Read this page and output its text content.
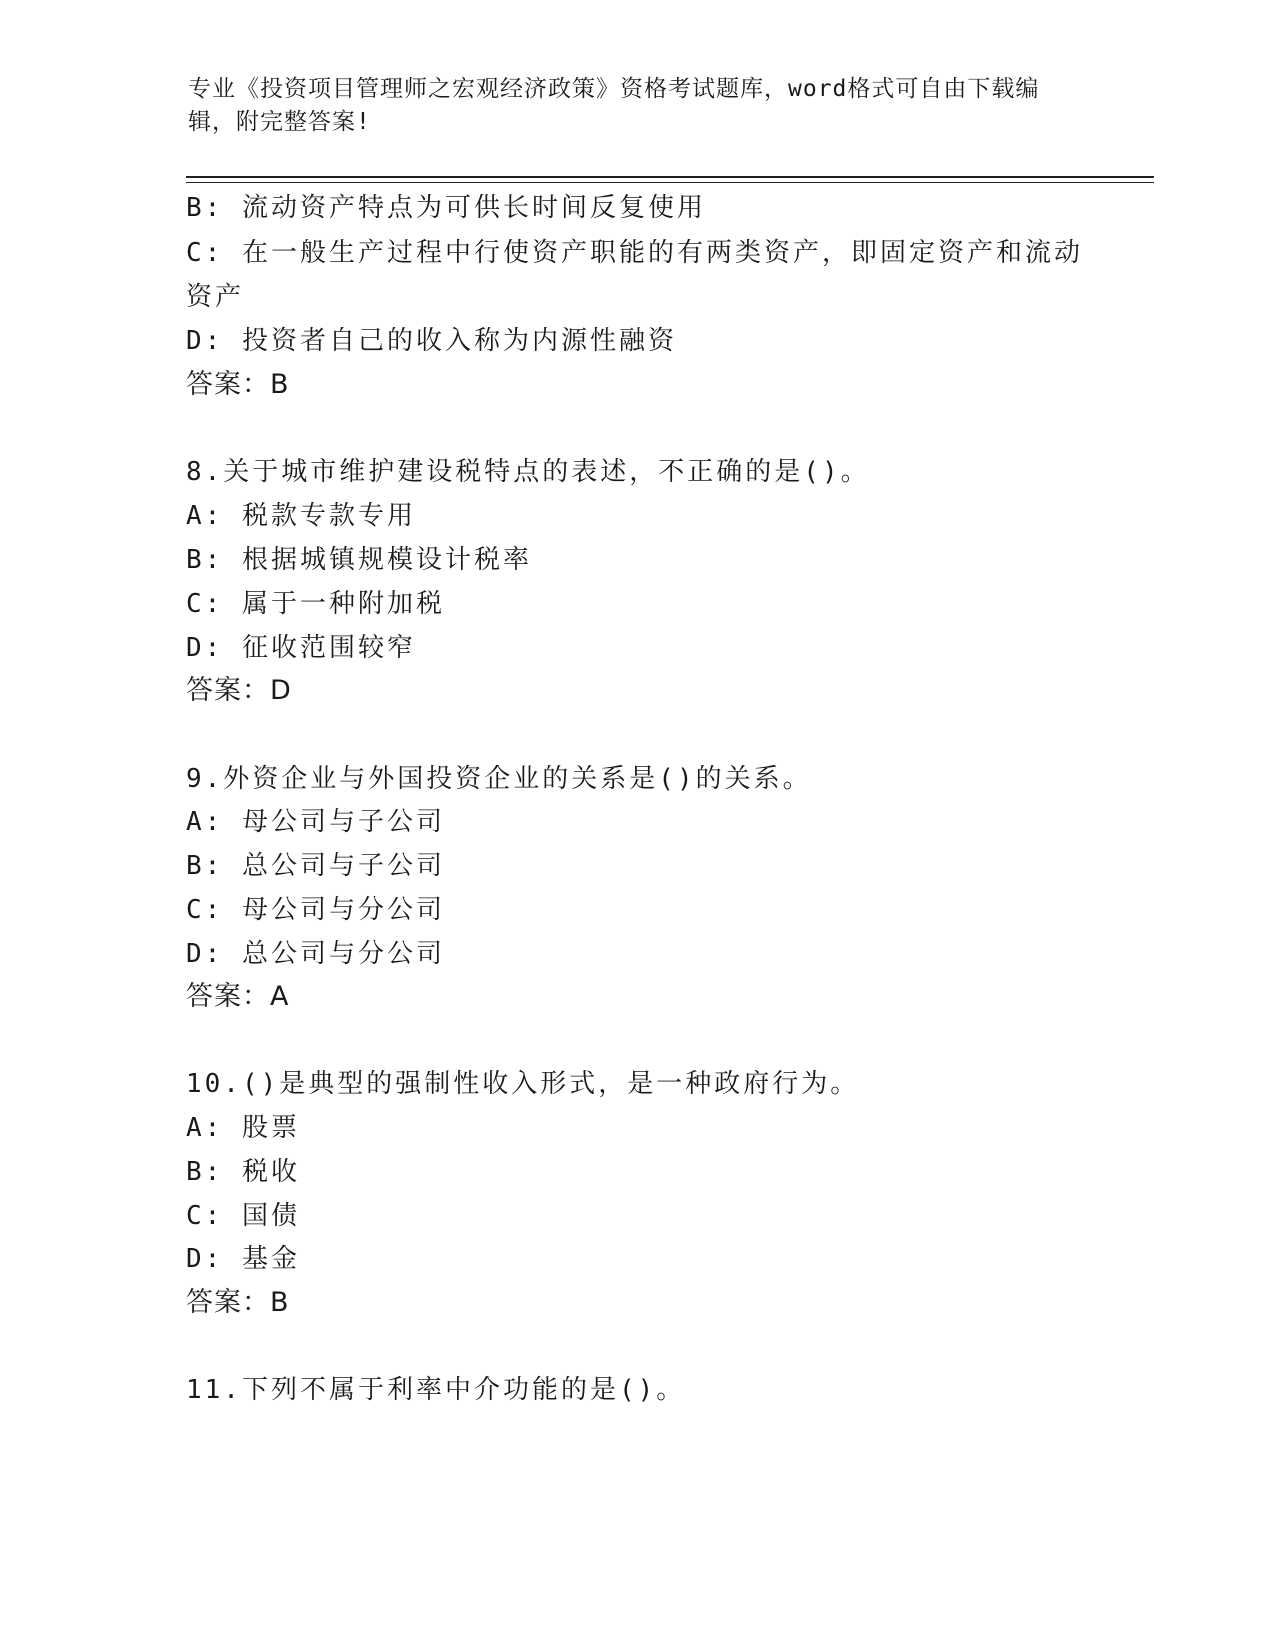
专业《投资项目管理师之宏观经济政策》资格考试题库，word格式可自由下载编
辑，附完整答案!
B: 流动资产特点为可供长时间反复使用
C: 在一般生产过程中行使资产职能的有两类资产，即固定资产和流动
资产
D: 投资者自己的收入称为内源性融资
答案：B
8.关于城市维护建设税特点的表述，不正确的是()。
A: 税款专款专用
B: 根据城镇规模设计税率
C: 属于一种附加税
D: 征收范围较窄
答案：D
9.外资企业与外国投资企业的关系是()的关系。
A: 母公司与子公司
B: 总公司与子公司
C: 母公司与分公司
D: 总公司与分公司
答案：A
10.()是典型的强制性收入形式，是一种政府行为。
A: 股票
B: 税收
C: 国债
D: 基金
答案：B
11.下列不属于利率中介功能的是()。
